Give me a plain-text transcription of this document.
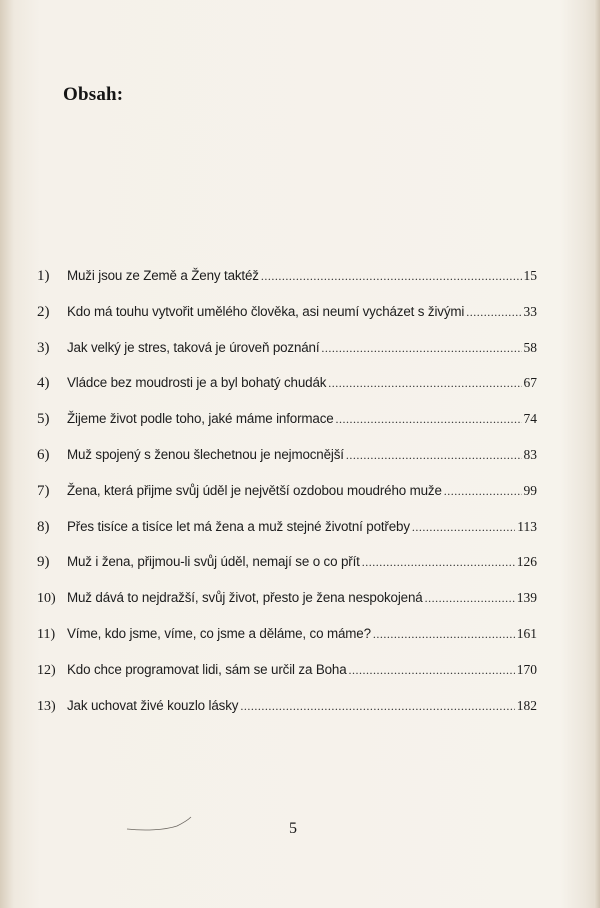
Obsah:
1)	Muži jsou ze Země a Ženy taktéž .....	15
2)	Kdo má touhu vytvořit umělého člověka, asi neumí vycházet s živými .....	33
3)	Jak velký je stres, taková je úroveň poznání .....	58
4)	Vládce bez moudrosti je a byl bohatý chudák .....	67
5)	Žijeme život podle toho, jaké máme informace .....	74
6)	Muž spojený s ženou šlechetnou je nejmocnější .....	83
7)	Žena, která přijme svůj úděl je největší ozdobou moudrého muže .....	99
8)	Přes tisíce a tisíce let má žena a muž stejné životní potřeby .....	113
9)	Muž i žena, přijmou-li svůj úděl, nemají se o co přít .....	126
10) Muž dává to nejdražší, svůj život, přesto je žena nespokojená .....	139
11) Víme, kdo jsme, víme, co jsme a děláme, co máme? .....	161
12) Kdo chce programovat lidi, sám se určil za Boha .....	170
13) Jak uchovat živé kouzlo lásky .....	182
5
